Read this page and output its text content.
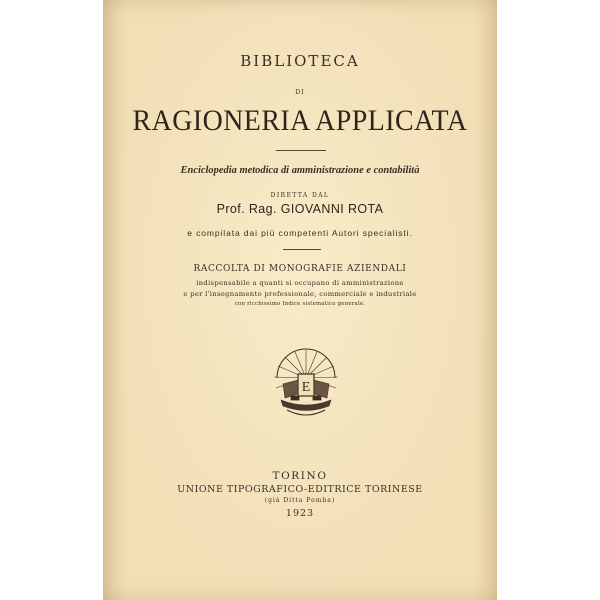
BIBLIOTECA
DI
RAGIONERIA APPLICATA
Enciclopedia metodica di amministrazione e contabilità
DIRETTA DAL
Prof. Rag. GIOVANNI ROTA
e compilata dai più competenti Autori specialisti.
RACCOLTA DI MONOGRAFIE AZIENDALI
indispensabile a quanti si occupano di amministrazione
e per l'insegnamento professionale, commerciale e industriale
con ricchissimo Indice sistematico generale.
E
TORINO
UNIONE TIPOGRAFICO-EDITRICE TORINESE
(già Ditta Pomba)
1923
